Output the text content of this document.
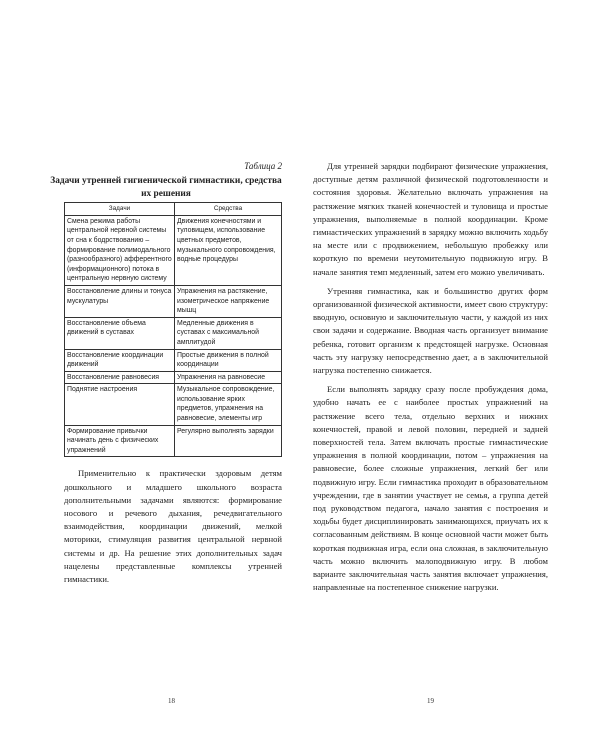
Таблица 2

Задачи утренней гигиенической гимнастики, средства их решения

Задачи	Средства
Смена режима работы центральной нервной системы от сна к бодрствованию – формирование полимодального (разнообразного) афферентного (информационного) потока в центральную нервную систему	Движения конечностями и туловищем, использование цветных предметов, музыкального сопровождения, водные процедуры
Восстановление длины и тонуса мускулатуры	Упражнения на растяжение, изометрическое напряжение мышц
Восстановление объема движений в суставах	Медленные движения в суставах с максимальной амплитудой
Восстановление координации движений	Простые движения в полной координации
Восстановление равновесия	Упражнения на равновесие
Поднятие настроения	Музыкальное сопровождение, использование ярких предметов, упражнения на равновесие, элементы игр
Формирование привычки начинать день с физических упражнений	Регулярно выполнять зарядки

Применительно к практически здоровым детям дошкольного и младшего школьного возраста дополнительными задачами являются: формирование носового и речевого дыхания, речедвигательного взаимодействия, координации движений, мелкой моторики, стимуляция развития центральной нервной системы и др. На решение этих дополнительных задач нацелены представленные комплексы утренней гимнастики.

Для утренней зарядки подбирают физические упражнения, доступные детям различной физической подготовленности и состояния здоровья. Желательно включать упражнения на растяжение мягких тканей конечностей и туловища и простые упражнения, выполняемые в полной координации. Кроме гимнастических упражнений в зарядку можно включить ходьбу на месте или с продвижением, небольшую пробежку или короткую по времени неутомительную подвижную игру. В начале занятия темп медленный, затем его можно увеличивать.

Утренняя гимнастика, как и большинство других форм организованной физической активности, имеет свою структуру: вводную, основную и заключительную части, у каждой из них свои задачи и содержание. Вводная часть организует внимание ребенка, готовит организм к предстоящей нагрузке. Основная часть эту нагрузку непосредственно дает, а в заключительной нагрузка постепенно снижается.

Если выполнять зарядку сразу после пробуждения дома, удобно начать ее с наиболее простых упражнений на растяжение всего тела, отдельно верхних и нижних конечностей, правой и левой половин, передней и задней поверхностей тела. Затем включать простые гимнастические упражнения в полной координации, потом – упражнения на равновесие, более сложные упражнения, легкий бег или подвижную игру. Если гимнастика проходит в образовательном учреждении, где в занятии участвует не семья, а группа детей под руководством педагога, начало занятия с построения и ходьбы будет дисциплинировать занимающихся, приучать их к согласованным действиям. В конце основной части может быть короткая подвижная игра, если она сложная, в заключительную часть можно включить малоподвижную игру. В любом варианте заключительная часть занятия включает упражнения, направленные на постепенное снижение нагрузки.

18	19
